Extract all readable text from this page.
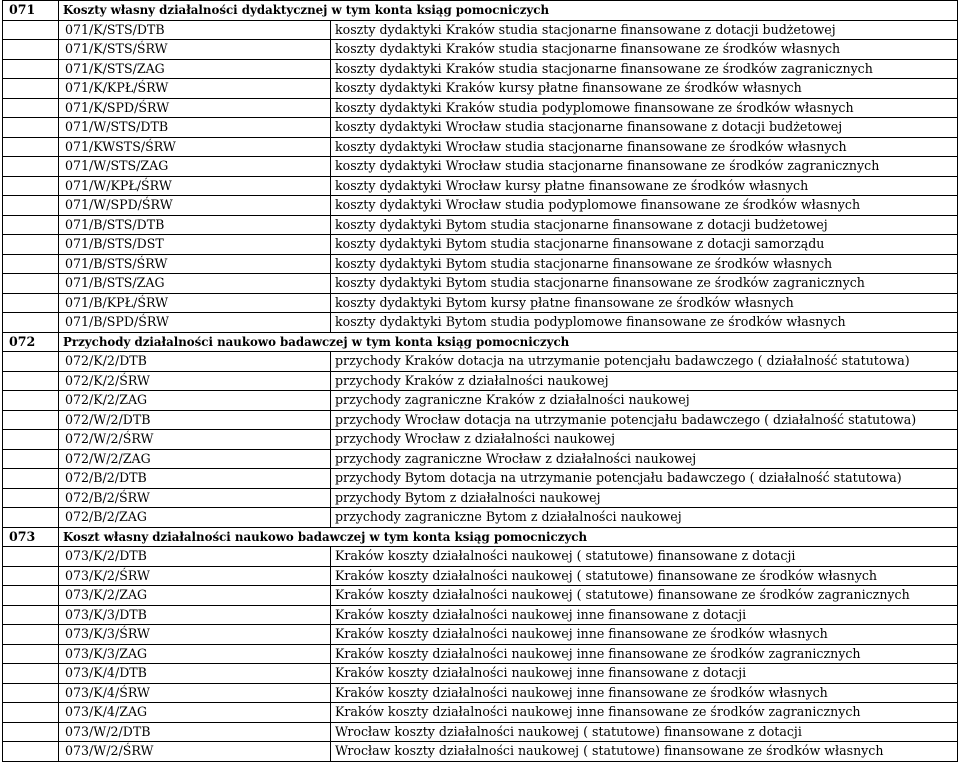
071	Koszty własny działalności dydaktycznej w tym konta ksiąg pomocniczych	
	071/K/STS/DTB	koszty dydaktyki Kraków studia stacjonarne finansowane z dotacji budżetowej
	071/K/STS/ŚRW	koszty dydaktyki Kraków studia stacjonarne finansowane ze środków własnych
	071/K/STS/ZAG	koszty dydaktyki Kraków studia stacjonarne finansowane ze środków zagranicznych
	071/K/KPŁ/ŚRW	koszty dydaktyki Kraków kursy płatne finansowane ze środków własnych
	071/K/SPD/ŚRW	koszty dydaktyki Kraków studia podyplomowe finansowane ze środków własnych
	071/W/STS/DTB	koszty dydaktyki Wrocław studia stacjonarne finansowane z dotacji budżetowej
	071/KWSTS/ŚRW	koszty dydaktyki Wrocław studia stacjonarne finansowane ze środków własnych
	071/W/STS/ZAG	koszty dydaktyki Wrocław studia stacjonarne finansowane ze środków zagranicznych
	071/W/KPŁ/ŚRW	koszty dydaktyki Wrocław kursy płatne finansowane ze środków własnych
	071/W/SPD/ŚRW	koszty dydaktyki Wrocław studia podyplomowe finansowane ze środków własnych
	071/B/STS/DTB	koszty dydaktyki Bytom studia stacjonarne finansowane z dotacji budżetowej
	071/B/STS/DST	koszty dydaktyki Bytom studia stacjonarne finansowane z dotacji samorządu
	071/B/STS/ŚRW	koszty dydaktyki Bytom studia stacjonarne finansowane ze środków własnych
	071/B/STS/ZAG	koszty dydaktyki Bytom studia stacjonarne finansowane ze środków zagranicznych
	071/B/KPŁ/ŚRW	koszty dydaktyki Bytom kursy płatne finansowane ze środków własnych
	071/B/SPD/ŚRW	koszty dydaktyki Bytom studia podyplomowe finansowane ze środków własnych
072	Przychody działalności naukowo badawczej w tym konta ksiąg pomocniczych	
	072/K/2/DTB	przychody Kraków dotacja na utrzymanie potencjału badawczego ( działalność statutowa)
	072/K/2/ŚRW	przychody Kraków z działalności naukowej
	072/K/2/ZAG	przychody zagraniczne Kraków z działalności naukowej
	072/W/2/DTB	przychody Wrocław dotacja na utrzymanie potencjału badawczego ( działalność statutowa)
	072/W/2/ŚRW	przychody Wrocław z działalności naukowej
	072/W/2/ZAG	przychody zagraniczne Wrocław z działalności naukowej
	072/B/2/DTB	przychody Bytom dotacja na utrzymanie potencjału badawczego ( działalność statutowa)
	072/B/2/ŚRW	przychody Bytom z działalności naukowej
	072/B/2/ZAG	przychody zagraniczne Bytom z działalności naukowej
073	Koszt własny działalności naukowo badawczej w tym konta ksiąg pomocniczych	
	073/K/2/DTB	Kraków koszty działalności naukowej ( statutowe) finansowane z dotacji
	073/K/2/ŚRW	Kraków koszty działalności naukowej ( statutowe) finansowane ze środków własnych
	073/K/2/ZAG	Kraków koszty działalności naukowej ( statutowe) finansowane ze środków zagranicznych
	073/K/3/DTB	Kraków koszty działalności naukowej inne finansowane z dotacji
	073/K/3/ŚRW	Kraków koszty działalności naukowej inne finansowane ze środków własnych
	073/K/3/ZAG	Kraków koszty działalności naukowej inne finansowane ze środków zagranicznych
	073/K/4/DTB	Kraków koszty działalności naukowej inne finansowane z dotacji
	073/K/4/ŚRW	Kraków koszty działalności naukowej inne finansowane ze środków własnych
	073/K/4/ZAG	Kraków koszty działalności naukowej inne finansowane ze środków zagranicznych
	073/W/2/DTB	Wrocław koszty działalności naukowej ( statutowe) finansowane z dotacji
	073/W/2/ŚRW	Wrocław koszty działalności naukowej ( statutowe) finansowane ze środków własnych
